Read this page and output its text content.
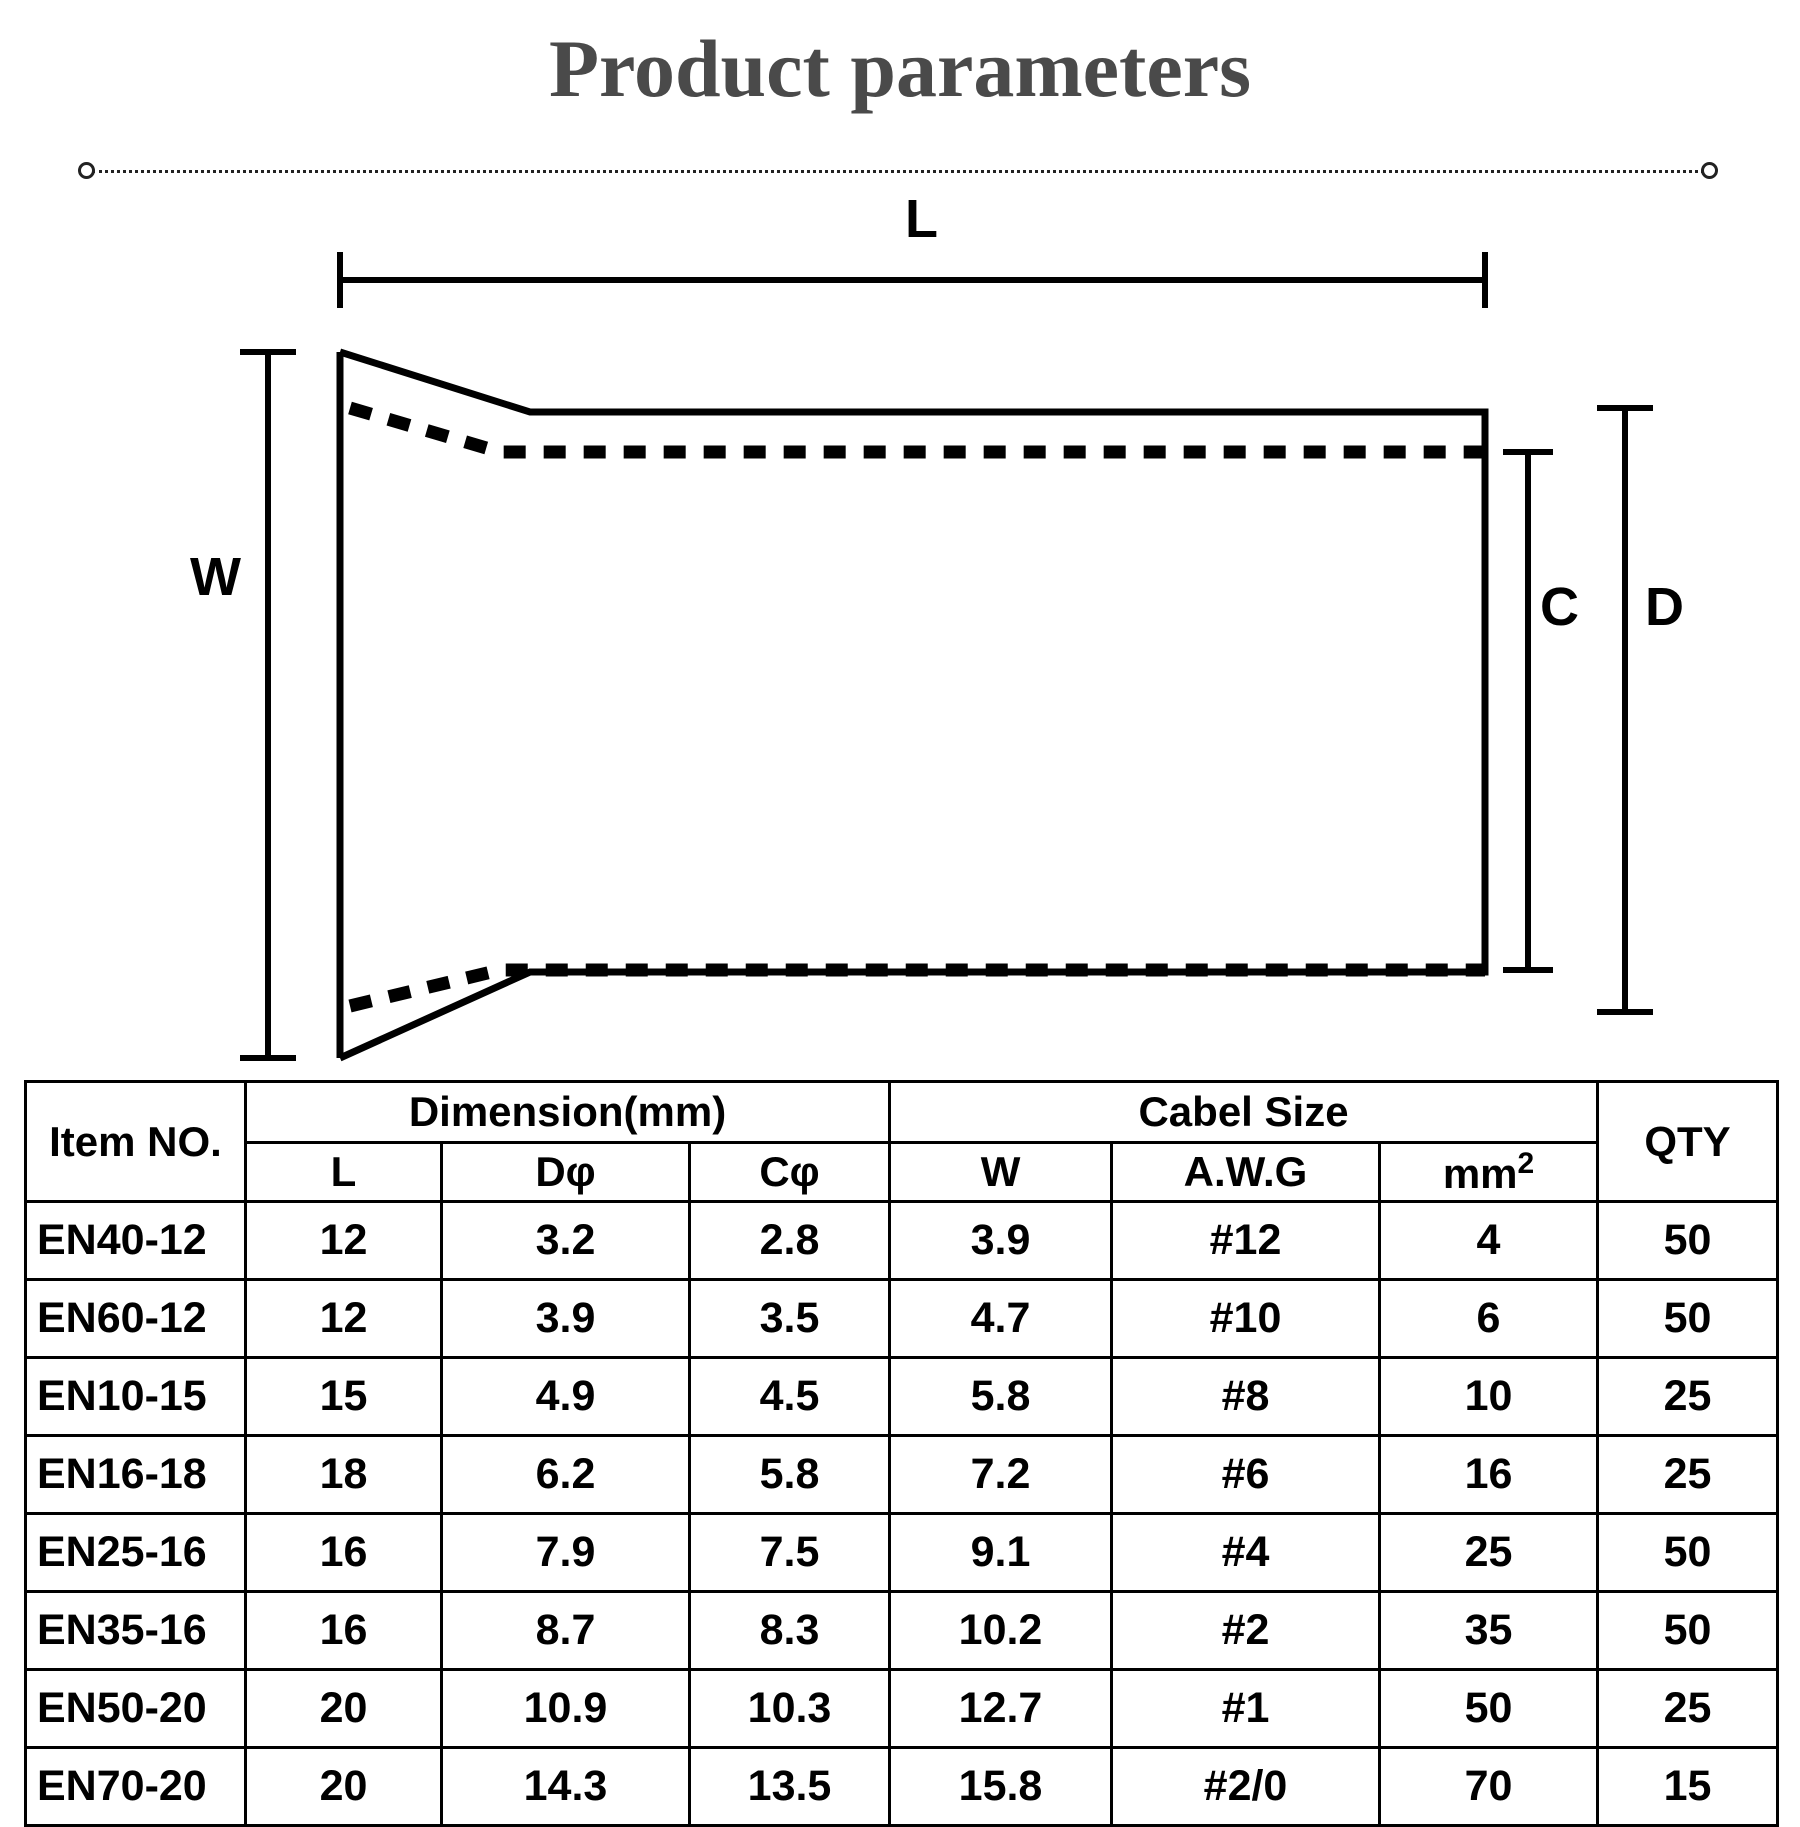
Product parameters
L
W	C D
Item NO.	Dimension(mm)			Cabel Size			QTY
	L	Dφ	Cφ	W	A.W.G	$mm^2$
EN40-12	12	3.2	2.8	3.9	#12	4	50
EN60-12	12	3.9	3.5	4.7	#10	6	50
EN10-15	15	4.9	4.5	5.8	#8	10	25
EN16-18	18	6.2	5.8	7.2	#6	16	25
EN25-16	16	7.9	7.5	9.1	#4	25	50
EN35-16	16	8.7	8.3	10.2	#2	35	50
EN50-20	20	10.9	10.3	12.7	#1	50	25
EN70-20	20	14.3	13.5	15.8	#2/0	70	15
